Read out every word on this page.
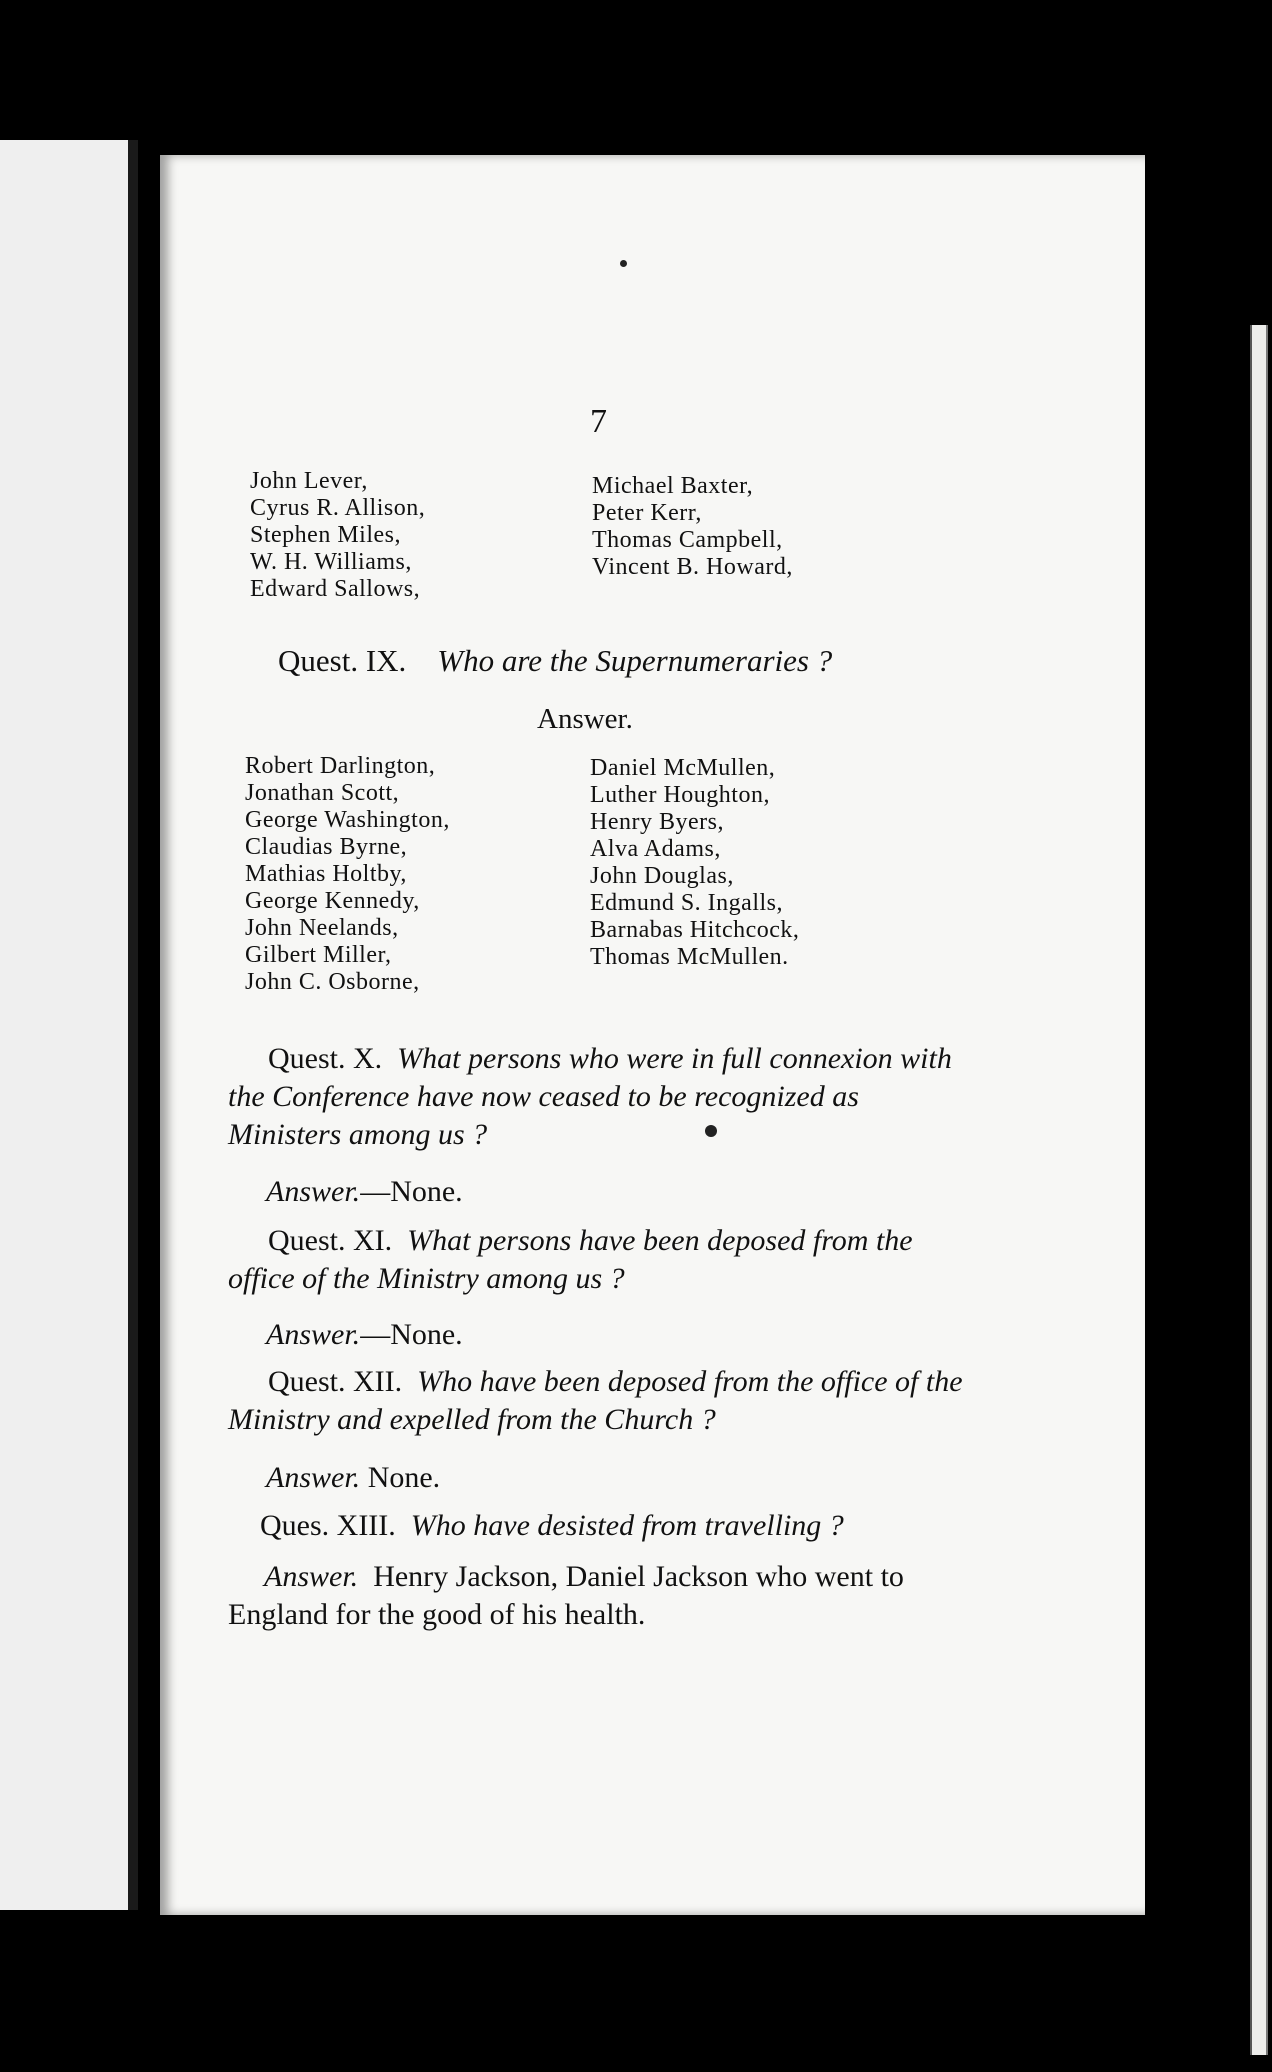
7
John Lever,
Cyrus R. Allison,
Stephen Miles,
W. H. Williams,
Edward Sallows,
Michael Baxter,
Peter Kerr,
Thomas Campbell,
Vincent B. Howard,
Quest. IX. Who are the Supernumeraries ?
Answer.
Robert Darlington,
Jonathan Scott,
George Washington,
Claudias Byrne,
Mathias Holtby,
George Kennedy,
John Neelands,
Gilbert Miller,
John C. Osborne,
Daniel McMullen,
Luther Houghton,
Henry Byers,
Alva Adams,
John Douglas,
Edmund S. Ingalls,
Barnabas Hitchcock,
Thomas McMullen.
Quest. X. What persons who were in full connexion with the Conference have now ceased to be recognized as Ministers among us ?
Answer.—None.
Quest. XI. What persons have been deposed from the office of the Ministry among us ?
Answer.—None.
Quest. XII. Who have been deposed from the office of the Ministry and expelled from the Church ?
Answer. None.
Ques. XIII. Who have desisted from travelling ?
Answer. Henry Jackson, Daniel Jackson who went to England for the good of his health.
